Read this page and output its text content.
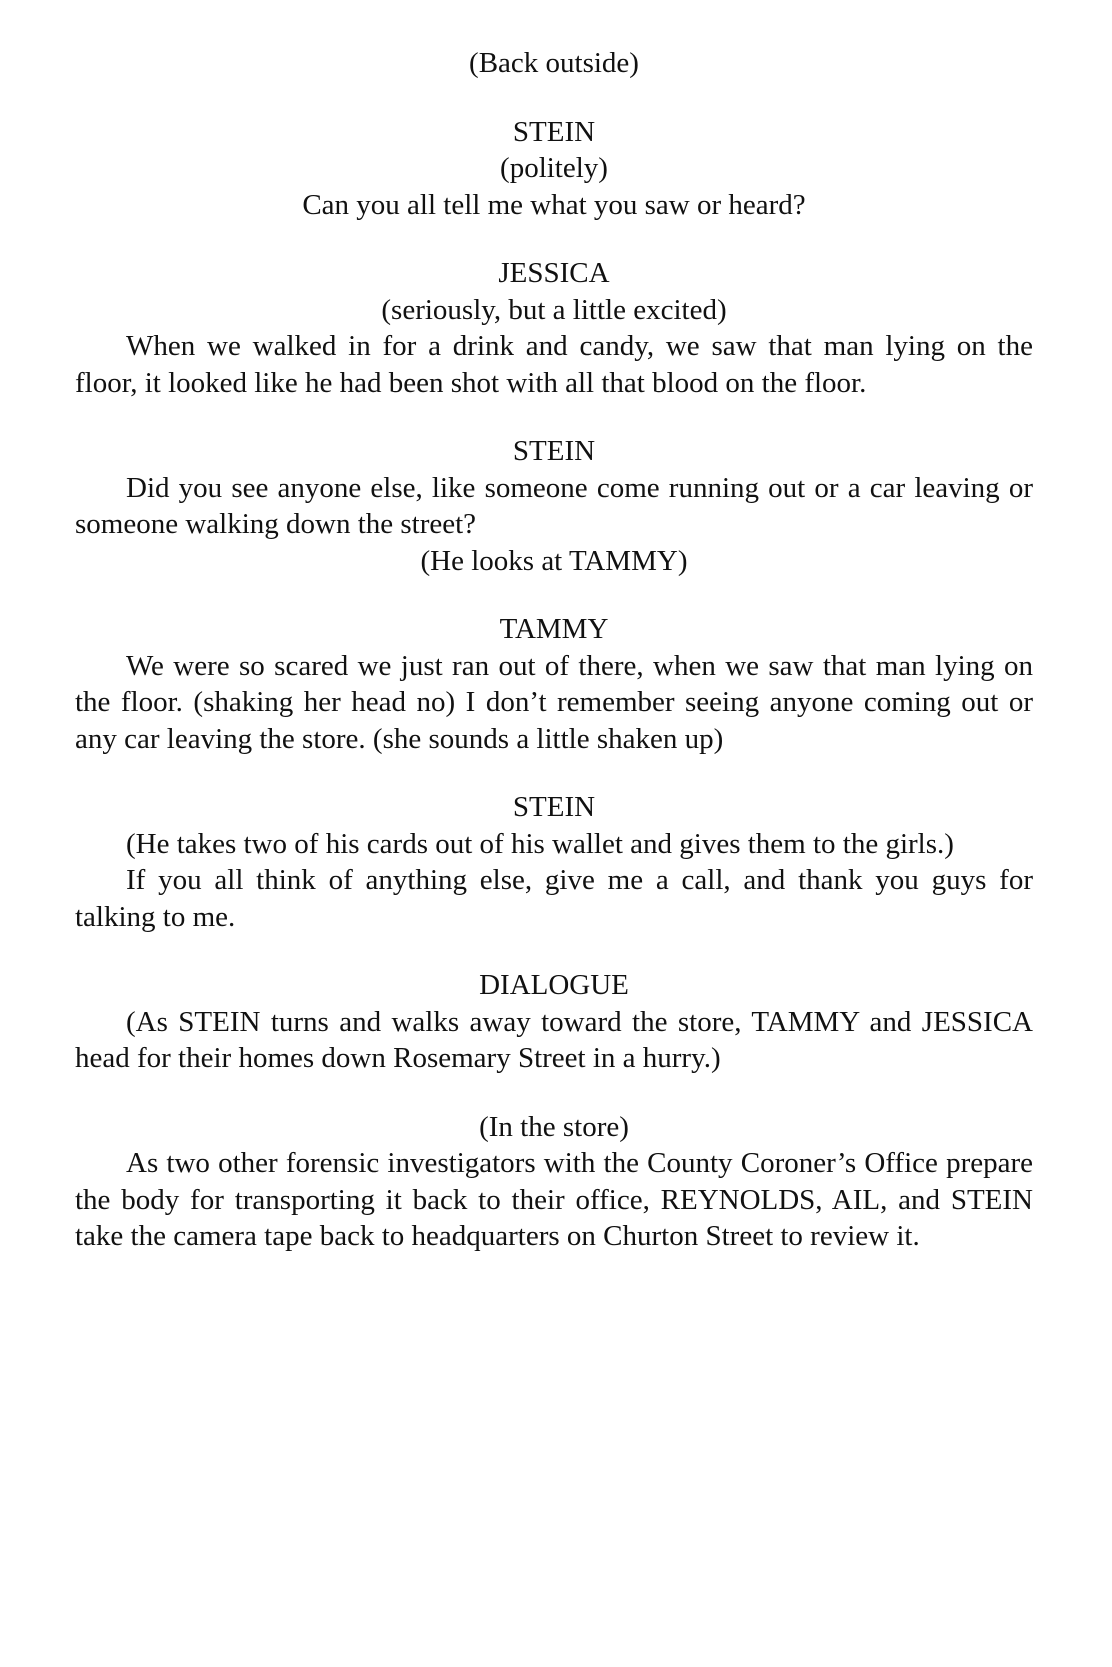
(Back outside)
STEIN
(politely)
Can you all tell me what you saw or heard?
JESSICA
(seriously, but a little excited)
When we walked in for a drink and candy, we saw that man lying on the floor, it looked like he had been shot with all that blood on the floor.
STEIN
Did you see anyone else, like someone come running out or a car leaving or someone walking down the street?
(He looks at TAMMY)
TAMMY
We were so scared we just ran out of there, when we saw that man lying on the floor. (shaking her head no) I don’t remember seeing anyone coming out or any car leaving the store. (she sounds a little shaken up)
STEIN
(He takes two of his cards out of his wallet and gives them to the girls.)
If you all think of anything else, give me a call, and thank you guys for talking to me.
DIALOGUE
(As STEIN turns and walks away toward the store, TAMMY and JESSICA head for their homes down Rosemary Street in a hurry.)
(In the store)
As two other forensic investigators with the County Coroner’s Office prepare the body for transporting it back to their office, REYNOLDS, AIL, and STEIN take the camera tape back to headquarters on Churton Street to review it.
